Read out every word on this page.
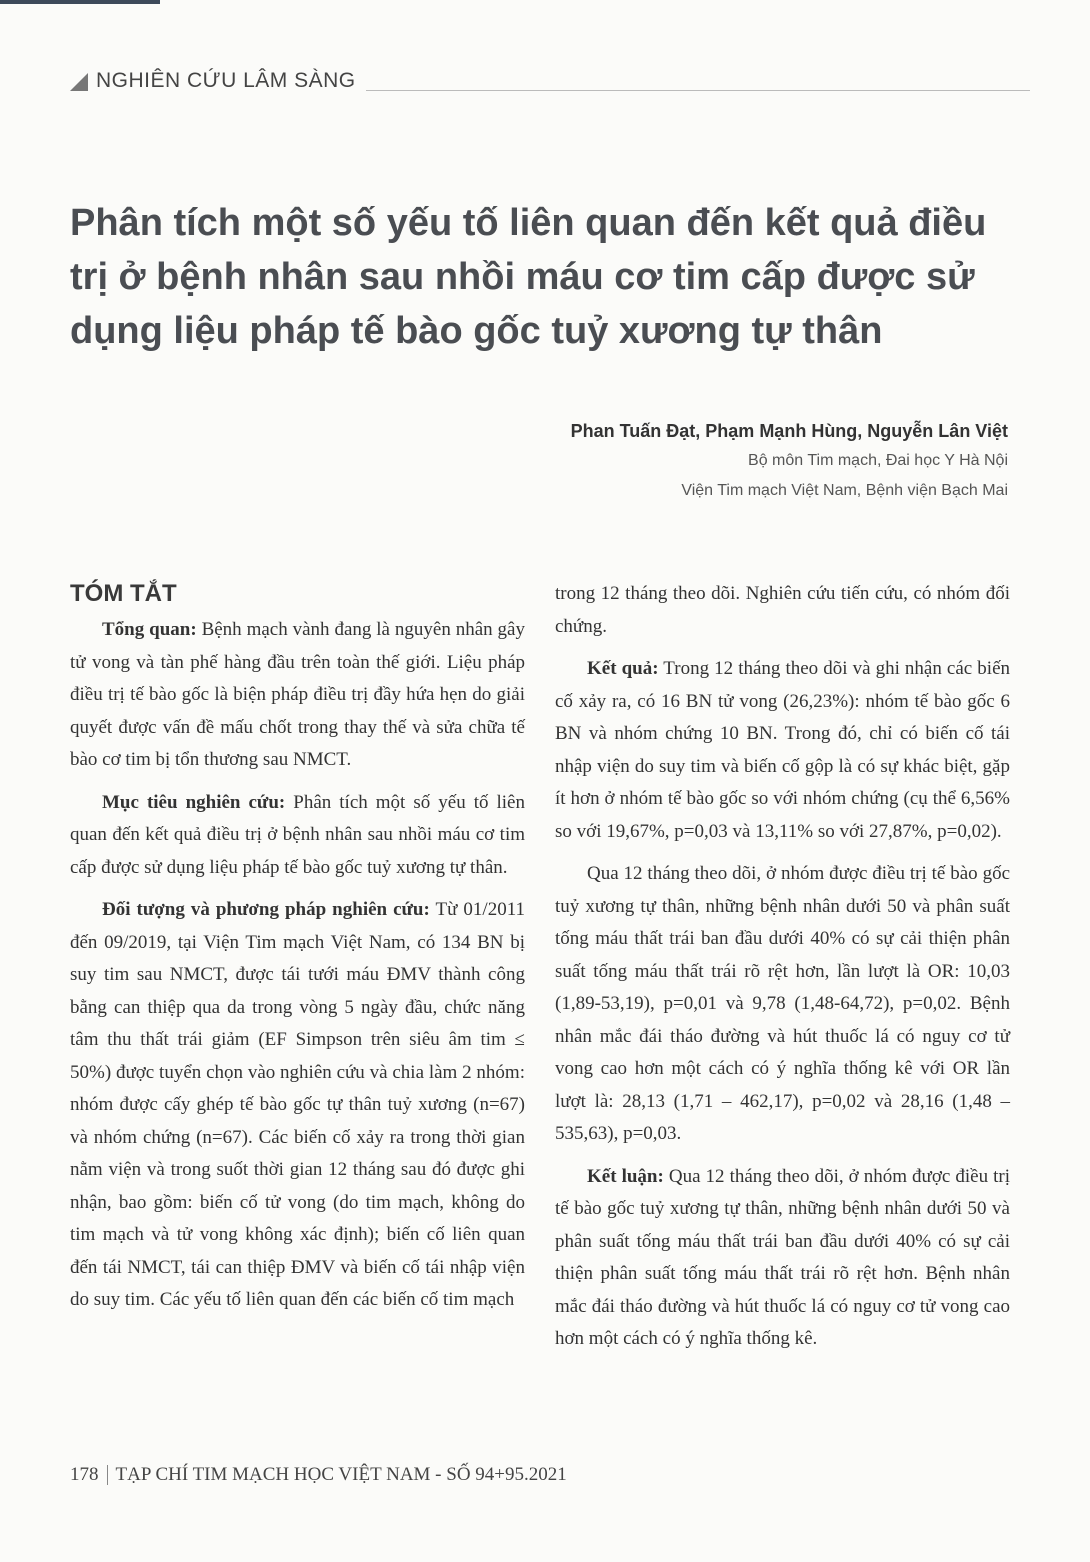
NGHIÊN CỨU LÂM SÀNG
Phân tích một số yếu tố liên quan đến kết quả điều trị ở bệnh nhân sau nhồi máu cơ tim cấp được sử dụng liệu pháp tế bào gốc tuỷ xương tự thân
Phan Tuấn Đạt, Phạm Mạnh Hùng, Nguyễn Lân Việt
Bộ môn Tim mạch, Đai học Y Hà Nội
Viện Tim mạch Việt Nam, Bệnh viện Bạch Mai
TÓM TẮT

Tổng quan: Bệnh mạch vành đang là nguyên nhân gây tử vong và tàn phế hàng đầu trên toàn thế giới. Liệu pháp điều trị tế bào gốc là biện pháp điều trị đầy hứa hẹn do giải quyết được vấn đề mấu chốt trong thay thế và sửa chữa tế bào cơ tim bị tổn thương sau NMCT.

Mục tiêu nghiên cứu: Phân tích một số yếu tố liên quan đến kết quả điều trị ở bệnh nhân sau nhồi máu cơ tim cấp được sử dụng liệu pháp tế bào gốc tuỷ xương tự thân.

Đối tượng và phương pháp nghiên cứu: Từ 01/2011 đến 09/2019, tại Viện Tim mạch Việt Nam, có 134 BN bị suy tim sau NMCT, được tái tưới máu ĐMV thành công bằng can thiệp qua da trong vòng 5 ngày đầu, chức năng tâm thu thất trái giảm (EF Simpson trên siêu âm tim ≤ 50%) được tuyển chọn vào nghiên cứu và chia làm 2 nhóm: nhóm được cấy ghép tế bào gốc tự thân tuỷ xương (n=67) và nhóm chứng (n=67). Các biến cố xảy ra trong thời gian nằm viện và trong suốt thời gian 12 tháng sau đó được ghi nhận, bao gồm: biến cố tử vong (do tim mạch, không do tim mạch và tử vong không xác định); biến cố liên quan đến tái NMCT, tái can thiệp ĐMV và biến cố tái nhập viện do suy tim. Các yếu tố liên quan đến các biến cố tim mạch

trong 12 tháng theo dõi. Nghiên cứu tiến cứu, có nhóm đối chứng.

Kết quả: Trong 12 tháng theo dõi và ghi nhận các biến cố xảy ra, có 16 BN tử vong (26,23%): nhóm tế bào gốc 6 BN và nhóm chứng 10 BN. Trong đó, chỉ có biến cố tái nhập viện do suy tim và biến cố gộp là có sự khác biệt, gặp ít hơn ở nhóm tế bào gốc so với nhóm chứng (cụ thể 6,56% so với 19,67%, p=0,03 và 13,11% so với 27,87%, p=0,02).

Qua 12 tháng theo dõi, ở nhóm được điều trị tế bào gốc tuỷ xương tự thân, những bệnh nhân dưới 50 và phân suất tống máu thất trái ban đầu dưới 40% có sự cải thiện phân suất tống máu thất trái rõ rệt hơn, lần lượt là OR: 10,03 (1,89-53,19), p=0,01 và 9,78 (1,48-64,72), p=0,02. Bệnh nhân mắc đái tháo đường và hút thuốc lá có nguy cơ tử vong cao hơn một cách có ý nghĩa thống kê với OR lần lượt là: 28,13 (1,71 – 462,17), p=0,02 và 28,16 (1,48 – 535,63), p=0,03.

Kết luận: Qua 12 tháng theo dõi, ở nhóm được điều trị tế bào gốc tuỷ xương tự thân, những bệnh nhân dưới 50 và phân suất tống máu thất trái ban đầu dưới 40% có sự cải thiện phân suất tống máu thất trái rõ rệt hơn. Bệnh nhân mắc đái tháo đường và hút thuốc lá có nguy cơ tử vong cao hơn một cách có ý nghĩa thống kê.

178 TẠP CHÍ TIM MẠCH HỌC VIỆT NAM - SỐ 94+95.2021
